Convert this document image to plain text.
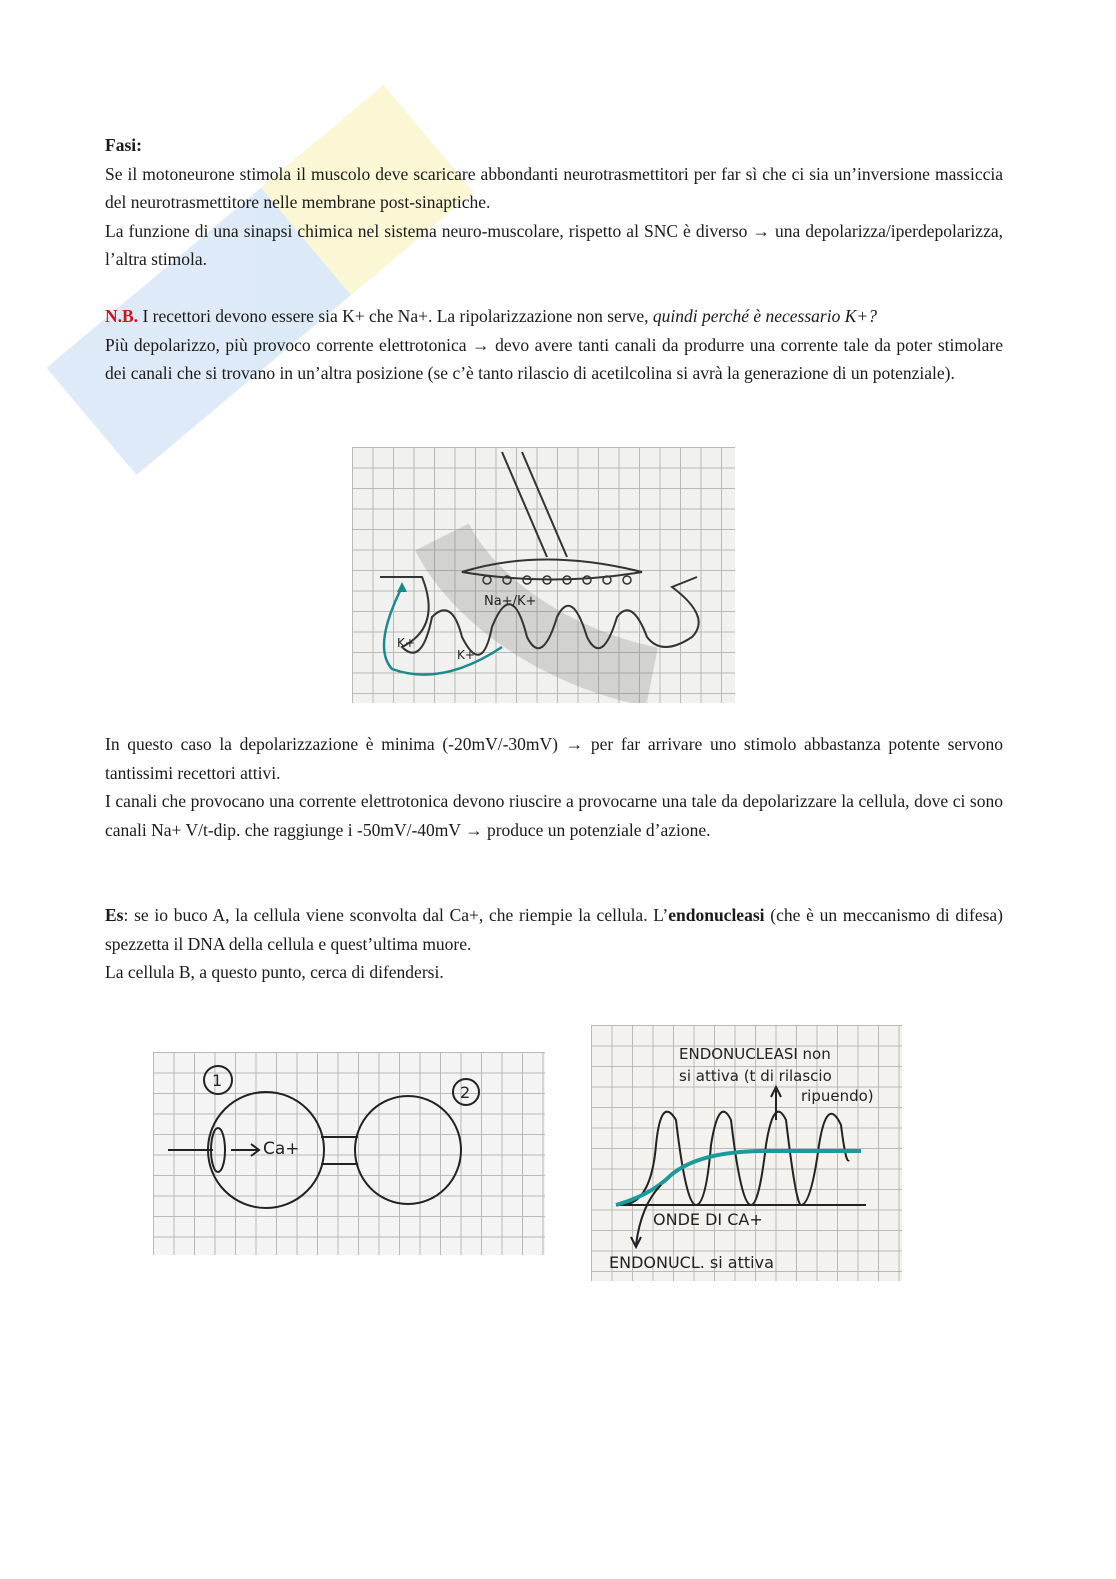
Fasi:

Se il motoneurone stimola il muscolo deve scaricare abbondanti neurotrasmettitori per far sì che ci sia un’inversione massiccia del neurotrasmettitore nelle membrane post-sinaptiche.

La funzione di una sinapsi chimica nel sistema neuro-muscolare, rispetto al SNC è diverso → una depolarizza/iperdepolarizza, l’altra stimola.

N.B. I recettori devono essere sia K+ che Na+. La ripolarizzazione non serve, quindi perché è necessario K+?

Più depolarizzo, più provoco corrente elettrotonica → devo avere tanti canali da produrre una corrente tale da poter stimolare dei canali che si trovano in un’altra posizione (se c’è tanto rilascio di acetilcolina si avrà la generazione di un potenziale).

Na+/K+
K+
K+

In questo caso la depolarizzazione è minima (-20mV/-30mV) → per far arrivare uno stimolo abbastanza potente servono tantissimi recettori attivi.

I canali che provocano una corrente elettrotonica devono riuscire a provocarne una tale da depolarizzare la cellula, dove ci sono canali Na+ V/t-dip. che raggiunge i -50mV/-40mV → produce un potenziale d’azione.

Es: se io buco A, la cellula viene sconvolta dal Ca+, che riempie la cellula. L’endonucleasi (che è un meccanismo di difesa) spezzetta il DNA della cellula e quest’ultima muore.

La cellula B, a questo punto, cerca di difendersi.

1
2
Ca+
ENDONUCLEASI non
si attiva (t di rilascio
ripuendo)
ONDE DI CA+
ENDONUCL. si attiva
